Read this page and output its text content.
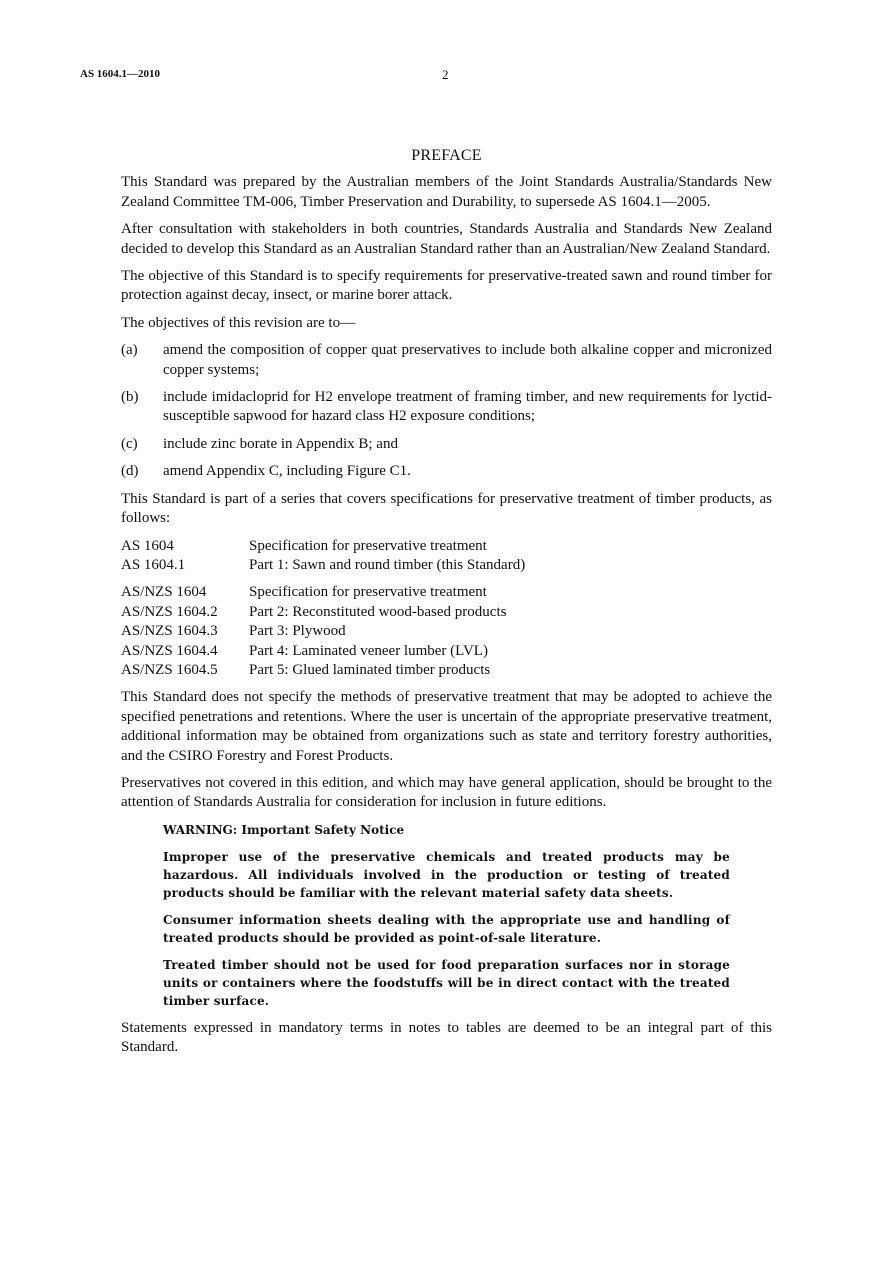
AS 1604.1—2010	2
PREFACE

This Standard was prepared by the Australian members of the Joint Standards Australia/Standards New Zealand Committee TM-006, Timber Preservation and Durability, to supersede AS 1604.1—2005.

After consultation with stakeholders in both countries, Standards Australia and Standards New Zealand decided to develop this Standard as an Australian Standard rather than an Australian/New Zealand Standard.

The objective of this Standard is to specify requirements for preservative-treated sawn and round timber for protection against decay, insect, or marine borer attack.

The objectives of this revision are to—

(a)	amend the composition of copper quat preservatives to include both alkaline copper and micronized copper systems;
(b)	include imidacloprid for H2 envelope treatment of framing timber, and new requirements for lyctid-susceptible sapwood for hazard class H2 exposure conditions;
(c)	include zinc borate in Appendix B; and
(d)	amend Appendix C, including Figure C1.

This Standard is part of a series that covers specifications for preservative treatment of timber products, as follows:

AS 1604	Specification for preservative treatment
AS 1604.1	Part 1: Sawn and round timber (this Standard)
AS/NZS 1604	Specification for preservative treatment
AS/NZS 1604.2	Part 2: Reconstituted wood-based products
AS/NZS 1604.3	Part 3: Plywood
AS/NZS 1604.4	Part 4: Laminated veneer lumber (LVL)
AS/NZS 1604.5	Part 5: Glued laminated timber products

This Standard does not specify the methods of preservative treatment that may be adopted to achieve the specified penetrations and retentions. Where the user is uncertain of the appropriate preservative treatment, additional information may be obtained from organizations such as state and territory forestry authorities, and the CSIRO Forestry and Forest Products.

Preservatives not covered in this edition, and which may have general application, should be brought to the attention of Standards Australia for consideration for inclusion in future editions.

WARNING: Important Safety Notice
Improper use of the preservative chemicals and treated products may be hazardous. All individuals involved in the production or testing of treated products should be familiar with the relevant material safety data sheets.
Consumer information sheets dealing with the appropriate use and handling of treated products should be provided as point-of-sale literature.
Treated timber should not be used for food preparation surfaces nor in storage units or containers where the foodstuffs will be in direct contact with the treated timber surface.

Statements expressed in mandatory terms in notes to tables are deemed to be an integral part of this Standard.
